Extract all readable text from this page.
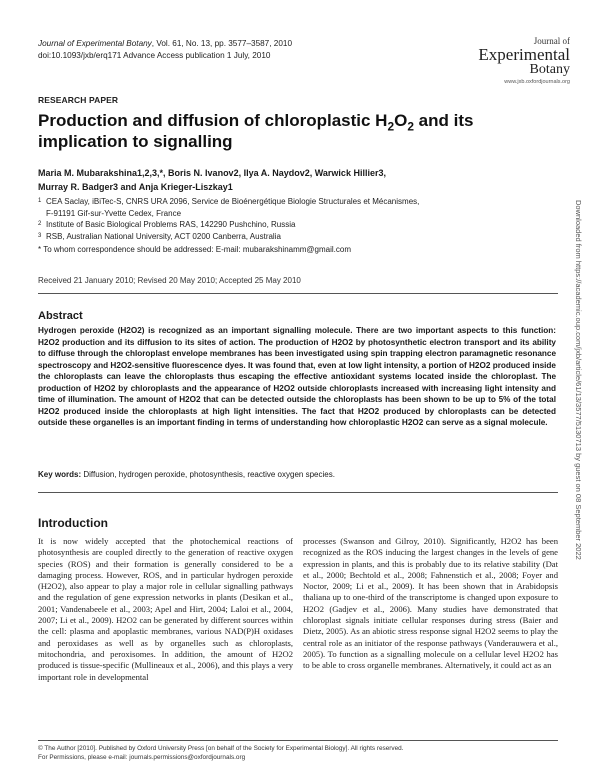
Journal of Experimental Botany, Vol. 61, No. 13, pp. 3577–3587, 2010
doi:10.1093/jxb/erq171 Advance Access publication 1 July, 2010
Journal of
Experimental
Botany
www.jxb.oxfordjournals.org
RESEARCH PAPER
Production and diffusion of chloroplastic $H_2O_2$ and its implication to signalling
Maria M. Mubarakshina1,2,3,*, Boris N. Ivanov2, Ilya A. Naydov2, Warwick Hillier3,
Murray R. Badger3 and Anja Krieger-Liszkay1
1 CEA Saclay, iBiTec-S, CNRS URA 2096, Service de Bioénergétique Biologie Structurales et Mécanismes,
F-91191 Gif-sur-Yvette Cedex, France
2 Institute of Basic Biological Problems RAS, 142290 Pushchino, Russia
3 RSB, Australian National University, ACT 0200 Canberra, Australia
* To whom correspondence should be addressed: E-mail: mubarakshinamm@gmail.com
Received 21 January 2010; Revised 20 May 2010; Accepted 25 May 2010
Abstract
Hydrogen peroxide (H2O2) is recognized as an important signalling molecule. There are two important aspects to this function: H2O2 production and its diffusion to its sites of action. The production of H2O2 by photosynthetic electron transport and its ability to diffuse through the chloroplast envelope membranes has been investigated using spin trapping electron paramagnetic resonance spectroscopy and H2O2-sensitive fluorescence dyes. It was found that, even at low light intensity, a portion of H2O2 produced inside the chloroplasts can leave the chloroplasts thus escaping the effective antioxidant systems located inside the chloroplast. The production of H2O2 by chloroplasts and the appearance of H2O2 outside chloroplasts increased with increasing light intensity and time of illumination. The amount of H2O2 that can be detected outside the chloroplasts has been shown to be up to 5% of the total H2O2 produced inside the chloroplasts at high light intensities. The fact that H2O2 produced by chloroplasts can be detected outside these organelles is an important finding in terms of understanding how chloroplastic H2O2 can serve as a signal molecule.
Key words: Diffusion, hydrogen peroxide, photosynthesis, reactive oxygen species.
Introduction
It is now widely accepted that the photochemical reactions of photosynthesis are coupled directly to the generation of reactive oxygen species (ROS) and their formation is generally considered to be a damaging process. However, ROS, and in particular hydrogen peroxide (H2O2), also appear to play a major role in cellular signalling pathways and the regulation of gene expression networks in plants (Desikan et al., 2001; Vandenabeele et al., 2003; Apel and Hirt, 2004; Laloi et al., 2004, 2007; Li et al., 2009). H2O2 can be generated by different sources within the cell: plasma and apoplastic membranes, various NAD(P)H oxidases and peroxidases as well as by organelles such as chloroplasts, mitochondria, and peroxisomes. In addition, the amount of H2O2 produced is tissue-specific (Mullineaux et al., 2006), and this plays a very important role in developmental
processes (Swanson and Gilroy, 2010). Significantly, H2O2 has been recognized as the ROS inducing the largest changes in the levels of gene expression in plants, and this is probably due to its relative stability (Dat et al., 2000; Bechtold et al., 2008; Fahnenstich et al., 2008; Foyer and Noctor, 2009; Li et al., 2009). It has been shown that in Arabidopsis thaliana up to one-third of the transcriptome is changed upon exposure to H2O2 (Gadjev et al., 2006). Many studies have demonstrated that chloroplast signals initiate cellular responses during stress (Baier and Dietz, 2005). As an abiotic stress response signal H2O2 seems to play the central role as an initiator of the response pathways (Vanderauwera et al., 2005). To function as a signalling molecule on a cellular level H2O2 has to be able to cross organelle membranes. Alternatively, it could act as an
© The Author [2010]. Published by Oxford University Press [on behalf of the Society for Experimental Biology]. All rights reserved.
For Permissions, please e-mail: journals.permissions@oxfordjournals.org
Downloaded from https://academic.oup.com/jxb/article/61/13/3577/5130713 by guest on 08 September 2022
